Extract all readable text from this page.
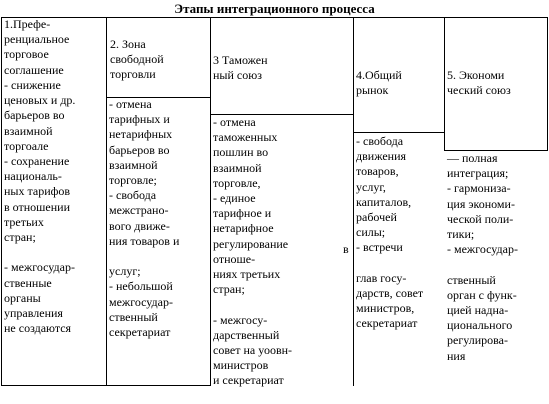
Этапы интеграционного процесса
1.Префе-
ренциальное
торговое
соглашение
- снижение
ценовых и др.
барьеров во
взаимной
торгоале
- сохранение
националь-
ных тарифов
в отношении
третьих
стран;

- межгосудар-
ственные
органы
управления
не создаются
2. Зона
свободной
торговли
- отмена
тарифных и
нетарифных
барьеров во
взаимной
торговле;
- свобода
межстрано-
вого движе-
ния товаров и

услуг;
- небольшой
межгосудар-
ственный
секретариат
3 Таможен
ный союз
- отмена
таможенных
пошлин во
взаимной
торговле,
- единое
тарифное и
нетарифное
регулирование
отноше-
ниях третьих
стран;

- межгосу-
дарственный
совет на уоовн-
министров
и секретариат
в
4.Общий
рынок
- свобода
движения
товаров,
услуг,
капиталов,
рабочей
силы;
- встречи

глав госу-
дарств, совет
министров,
секретариат
5. Экономи
ческий союз
— полная
интеграция;
- гармониза-
ция экономи-
ческой поли-
тики;
- межгосудар-

ственный
орган с функ-
цией надна-
ционального
регулирова-
ния
